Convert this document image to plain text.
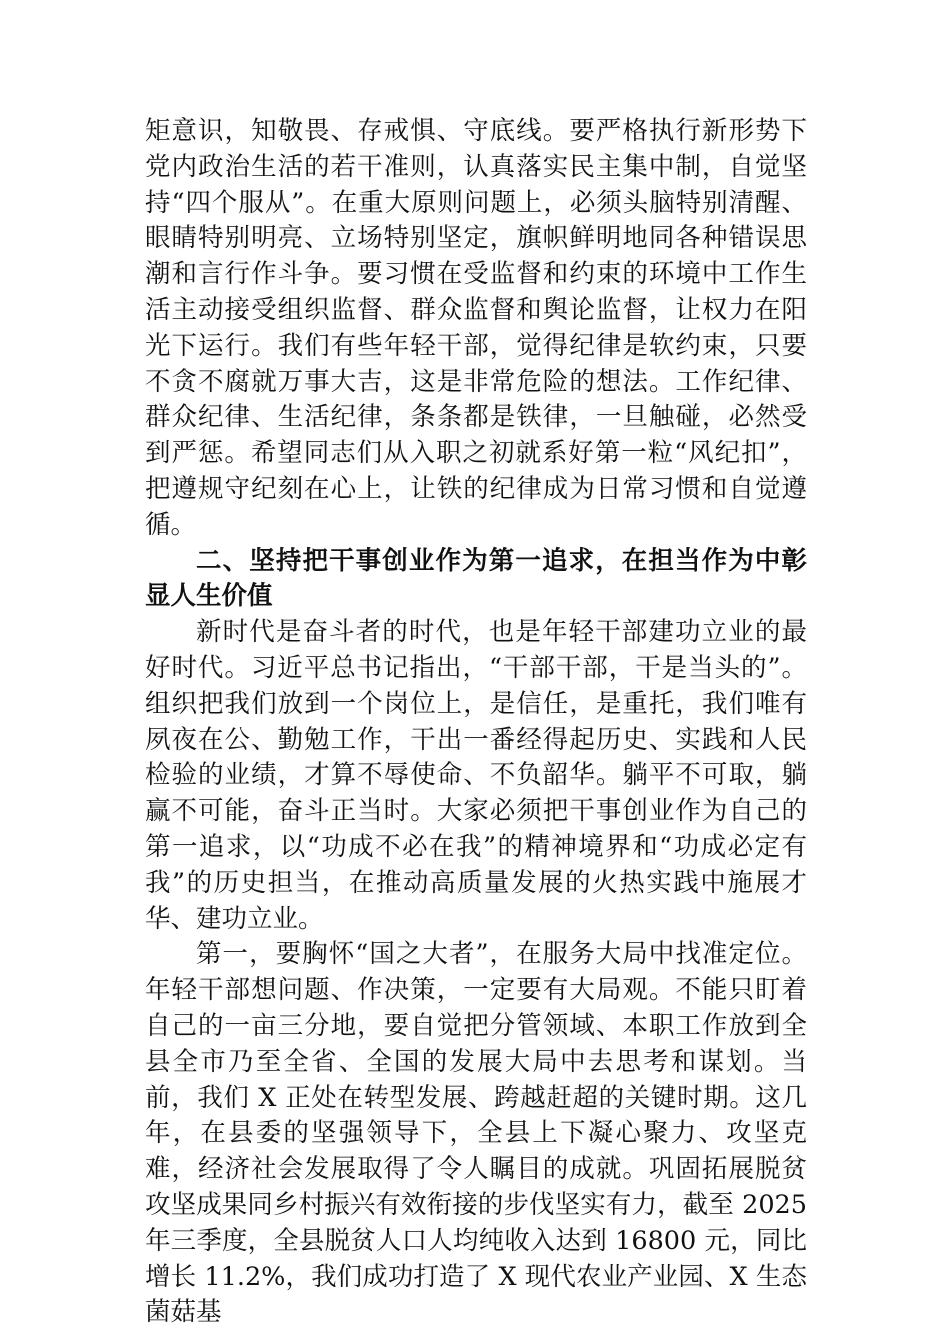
矩意识，知敬畏、存戒惧、守底线。要严格执行新形势下党内政治生活的若干准则，认真落实民主集中制，自觉坚持“四个服从”。在重大原则问题上，必须头脑特别清醒、眼睛特别明亮、立场特别坚定，旗帜鲜明地同各种错误思潮和言行作斗争。要习惯在受监督和约束的环境中工作生活主动接受组织监督、群众监督和舆论监督，让权力在阳光下运行。我们有些年轻干部，觉得纪律是软约束，只要不贪不腐就万事大吉，这是非常危险的想法。工作纪律、群众纪律、生活纪律，条条都是铁律，一旦触碰，必然受到严惩。希望同志们从入职之初就系好第一粒“风纪扣”，把遵规守纪刻在心上，让铁的纪律成为日常习惯和自觉遵循。

二、坚持把干事创业作为第一追求，在担当作为中彰显人生价值

新时代是奋斗者的时代，也是年轻干部建功立业的最好时代。习近平总书记指出，“干部干部，干是当头的”。组织把我们放到一个岗位上，是信任，是重托，我们唯有夙夜在公、勤勉工作，干出一番经得起历史、实践和人民检验的业绩，才算不辱使命、不负韶华。躺平不可取，躺赢不可能，奋斗正当时。大家必须把干事创业作为自己的第一追求，以“功成不必在我”的精神境界和“功成必定有我”的历史担当，在推动高质量发展的火热实践中施展才华、建功立业。

第一，要胸怀“国之大者”，在服务大局中找准定位。年轻干部想问题、作决策，一定要有大局观。不能只盯着自己的一亩三分地，要自觉把分管领域、本职工作放到全县全市乃至全省、全国的发展大局中去思考和谋划。当前，我们 X 正处在转型发展、跨越赶超的关键时期。这几年，在县委的坚强领导下，全县上下凝心聚力、攻坚克难，经济社会发展取得了令人瞩目的成就。巩固拓展脱贫攻坚成果同乡村振兴有效衔接的步伐坚实有力，截至 2025 年三季度，全县脱贫人口人均纯收入达到 16800 元，同比增长 11.2%，我们成功打造了 X 现代农业产业园、X 生态菌菇基
